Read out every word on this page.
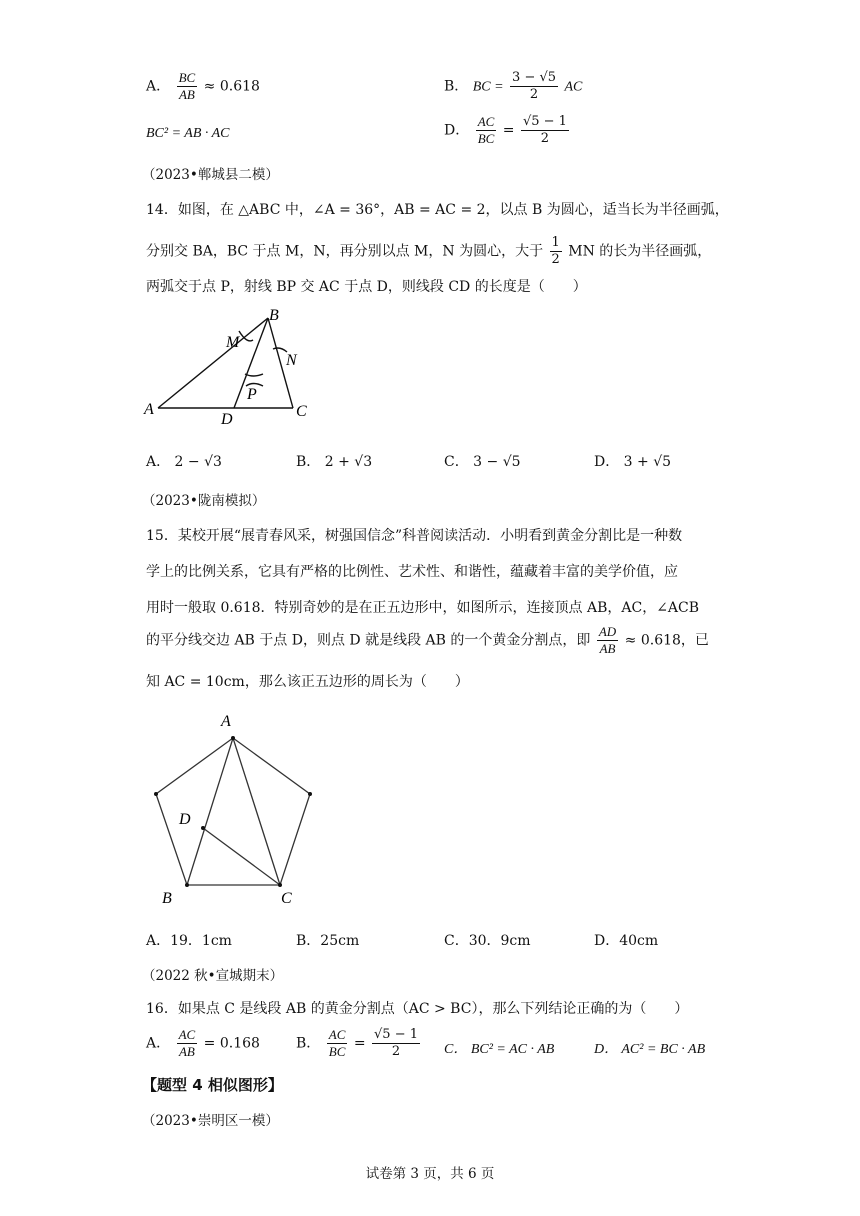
A． $\frac{BC}{AB} \approx 0.618$	B． BC = $\frac{3 - √5}{2}$ AC
BC² = AB · AC	D． $\frac{AC}{BC} = \frac{√5 - 1}{2}$
（2023•郸城县二模）
14．如图，在 △ABC 中，∠A = 36°，AB = AC = 2，以点 B 为圆心，适当长为半径画弧，
分别交 BA，BC 于点 M，N，再分别以点 M，N 为圆心，大于 $\frac{1}{2}$ MN 的长为半径画弧，
两弧交于点 P，射线 BP 交 AC 于点 D，则线段 CD 的长度是（　　）
B
M
N
P
A
D	C
A． 2 − √3	B． 2 + √3	C． 3 − √5	D． 3 + √5
（2023•陇南模拟）
15．某校开展“展青春风采，树强国信念”科普阅读活动．小明看到黄金分割比是一种数
学上的比例关系，它具有严格的比例性、艺术性、和谐性，蕴藏着丰富的美学价值，应
用时一般取 0.618．特别奇妙的是在正五边形中，如图所示，连接顶点 AB，AC，∠ACB
的平分线交边 AB 于点 D，则点 D 就是线段 AB 的一个黄金分割点，即 $\frac{AD}{AB} \approx 0.618$，已
知 AC = 10cm，那么该正五边形的周长为（　　）
A
D
B	C
A．19．1cm	B．25cm	C．30．9cm	D．40cm
（2022 秋•宣城期末）
16．如果点 C 是线段 AB 的黄金分割点（AC > BC），那么下列结论正确的为（　　）
A． $\frac{AC}{AB} = 0.168$	B． $\frac{AC}{BC} = \frac{√5 - 1}{2}$ C． BC² = AC · AB	D． AC² = BC · AB
【题型 4 相似图形】
（2023•崇明区一模）
试卷第 3 页，共 6 页
